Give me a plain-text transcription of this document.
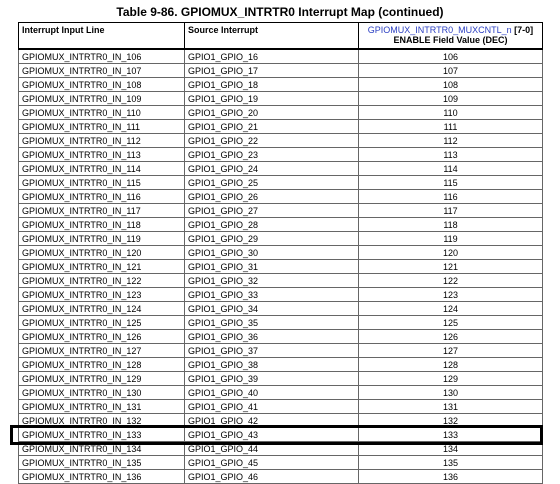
Table 9-86. GPIOMUX_INTRTR0 Interrupt Map (continued)
Interrupt Input Line	Source Interrupt	GPIOMUX_INTRTR0_MUXCNTL_n [7-0]
ENABLE Field Value (DEC)
GPIOMUX_INTRTR0_IN_106	GPIO1_GPIO_16	106
GPIOMUX_INTRTR0_IN_107	GPIO1_GPIO_17	107
GPIOMUX_INTRTR0_IN_108	GPIO1_GPIO_18	108
GPIOMUX_INTRTR0_IN_109	GPIO1_GPIO_19	109
GPIOMUX_INTRTR0_IN_110	GPIO1_GPIO_20	110
GPIOMUX_INTRTR0_IN_111	GPIO1_GPIO_21	111
GPIOMUX_INTRTR0_IN_112	GPIO1_GPIO_22	112
GPIOMUX_INTRTR0_IN_113	GPIO1_GPIO_23	113
GPIOMUX_INTRTR0_IN_114	GPIO1_GPIO_24	114
GPIOMUX_INTRTR0_IN_115	GPIO1_GPIO_25	115
GPIOMUX_INTRTR0_IN_116	GPIO1_GPIO_26	116
GPIOMUX_INTRTR0_IN_117	GPIO1_GPIO_27	117
GPIOMUX_INTRTR0_IN_118	GPIO1_GPIO_28	118
GPIOMUX_INTRTR0_IN_119	GPIO1_GPIO_29	119
GPIOMUX_INTRTR0_IN_120	GPIO1_GPIO_30	120
GPIOMUX_INTRTR0_IN_121	GPIO1_GPIO_31	121
GPIOMUX_INTRTR0_IN_122	GPIO1_GPIO_32	122
GPIOMUX_INTRTR0_IN_123	GPIO1_GPIO_33	123
GPIOMUX_INTRTR0_IN_124	GPIO1_GPIO_34	124
GPIOMUX_INTRTR0_IN_125	GPIO1_GPIO_35	125
GPIOMUX_INTRTR0_IN_126	GPIO1_GPIO_36	126
GPIOMUX_INTRTR0_IN_127	GPIO1_GPIO_37	127
GPIOMUX_INTRTR0_IN_128	GPIO1_GPIO_38	128
GPIOMUX_INTRTR0_IN_129	GPIO1_GPIO_39	129
GPIOMUX_INTRTR0_IN_130	GPIO1_GPIO_40	130
GPIOMUX_INTRTR0_IN_131	GPIO1_GPIO_41	131
GPIOMUX_INTRTR0_IN_132	GPIO1_GPIO_42	132
GPIOMUX_INTRTR0_IN_133	GPIO1_GPIO_43	133
GPIOMUX_INTRTR0_IN_134	GPIO1_GPIO_44	134
GPIOMUX_INTRTR0_IN_135	GPIO1_GPIO_45	135
GPIOMUX_INTRTR0_IN_136	GPIO1_GPIO_46	136
